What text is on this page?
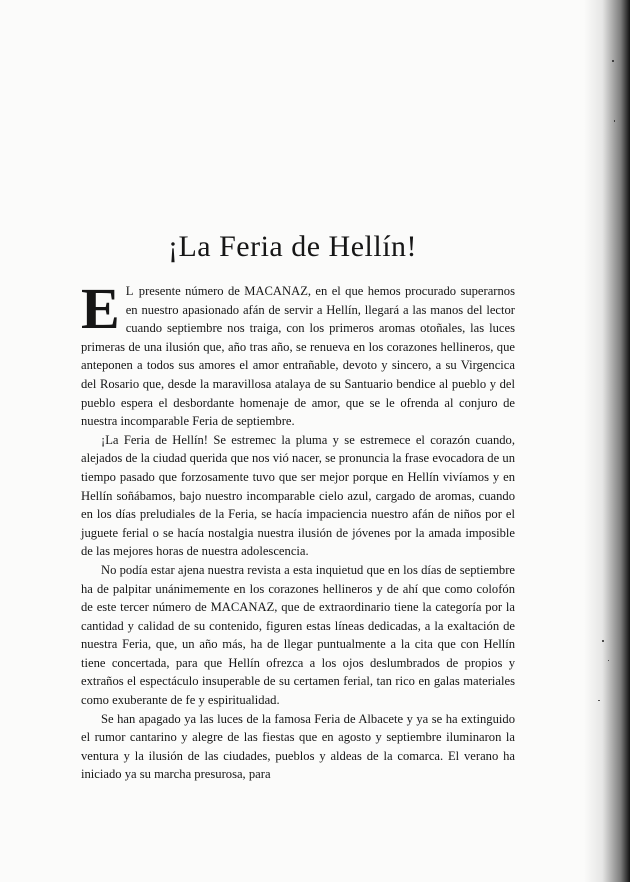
¡La Feria de Hellín!

E L presente número de MACANAZ, en el que hemos procurado superarnos en nuestro apasionado afán de servir a Hellín, llegará a las manos del lector cuando septiembre nos traiga, con los primeros aromas otoñales, las luces primeras de una ilusión que, año tras año, se renueva en los corazones hellineros, que anteponen a todos sus amores el amor entrañable, devoto y sincero, a su Virgencica del Rosario que, desde la maravillosa atalaya de su Santuario bendice al pueblo y del pueblo espera el desbordante homenaje de amor, que se le ofrenda al conjuro de nuestra incomparable Feria de septiembre.

¡La Feria de Hellín! Se estremec la pluma y se estremece el corazón cuando, alejados de la ciudad querida que nos vió nacer, se pronuncia la frase evocadora de un tiempo pasado que forzosamente tuvo que ser mejor porque en Hellín vivíamos y en Hellín soñábamos, bajo nuestro incomparable cielo azul, cargado de aromas, cuando en los días preludiales de la Feria, se hacía impaciencia nuestro afán de niños por el juguete ferial o se hacía nostalgia nuestra ilusión de jóvenes por la amada imposible de las mejores horas de nuestra adolescencia.

No podía estar ajena nuestra revista a esta inquietud que en los días de septiembre ha de palpitar unánimemente en los corazones hellineros y de ahí que como colofón de este tercer número de MACANAZ, que de extraordinario tiene la categoría por la cantidad y calidad de su contenido, figuren estas líneas dedicadas, a la exaltación de nuestra Feria, que, un año más, ha de llegar puntualmente a la cita que con Hellín tiene concertada, para que Hellín ofrezca a los ojos deslumbrados de propios y extraños el espectáculo insuperable de su certamen ferial, tan rico en galas materiales como exuberante de fe y espiritualidad.

Se han apagado ya las luces de la famosa Feria de Albacete y ya se ha extinguido el rumor cantarino y alegre de las fiestas que en agosto y septiembre iluminaron la ventura y la ilusión de las ciudades, pueblos y aldeas de la comarca. El verano ha iniciado ya su marcha presurosa, para
